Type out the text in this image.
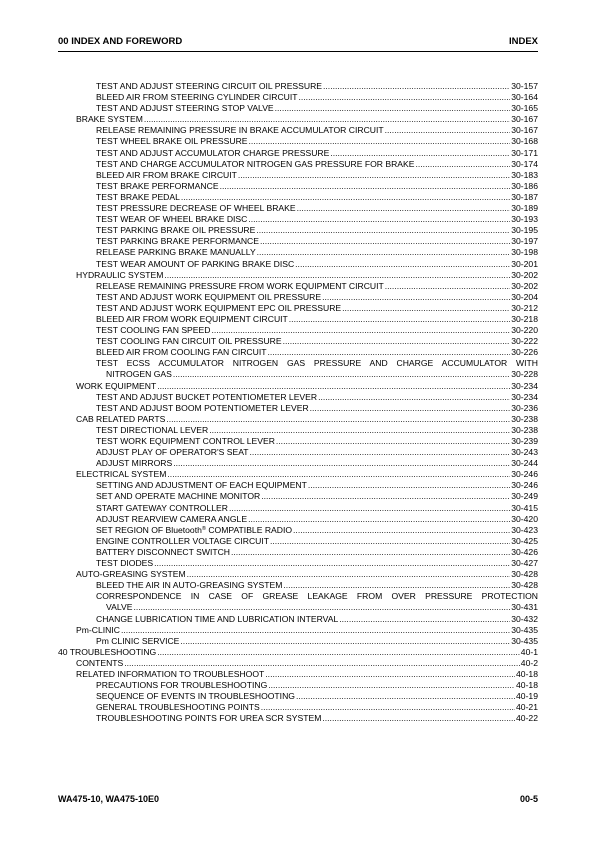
00 INDEX AND FOREWORD	INDEX
TEST AND ADJUST STEERING CIRCUIT OIL PRESSURE .....	30-157
BLEED AIR FROM STEERING CYLINDER CIRCUIT .....	30-164
TEST AND ADJUST STEERING STOP VALVE .....	30-165
BRAKE SYSTEM .....	30-167
RELEASE REMAINING PRESSURE IN BRAKE ACCUMULATOR CIRCUIT .....	30-167
TEST WHEEL BRAKE OIL PRESSURE .....	30-168
TEST AND ADJUST ACCUMULATOR CHARGE PRESSURE .....	30-171
TEST AND CHARGE ACCUMULATOR NITROGEN GAS PRESSURE FOR BRAKE .....	30-174
BLEED AIR FROM BRAKE CIRCUIT .....	30-183
TEST BRAKE PERFORMANCE .....	30-186
TEST BRAKE PEDAL .....	30-187
TEST PRESSURE DECREASE OF WHEEL BRAKE .....	30-189
TEST WEAR OF WHEEL BRAKE DISC .....	30-193
TEST PARKING BRAKE OIL PRESSURE .....	30-195
TEST PARKING BRAKE PERFORMANCE .....	30-197
RELEASE PARKING BRAKE MANUALLY .....	30-198
TEST WEAR AMOUNT OF PARKING BRAKE DISC .....	30-201
HYDRAULIC SYSTEM .....	30-202
RELEASE REMAINING PRESSURE FROM WORK EQUIPMENT CIRCUIT .....	30-202
TEST AND ADJUST WORK EQUIPMENT OIL PRESSURE .....	30-204
TEST AND ADJUST WORK EQUIPMENT EPC OIL PRESSURE .....	30-212
BLEED AIR FROM WORK EQUIPMENT CIRCUIT .....	30-218
TEST COOLING FAN SPEED .....	30-220
TEST COOLING FAN CIRCUIT OIL PRESSURE .....	30-222
BLEED AIR FROM COOLING FAN CIRCUIT .....	30-226
TEST ECSS ACCUMULATOR NITROGEN GAS PRESSURE AND CHARGE ACCUMULATOR WITH
NITROGEN GAS .....	30-228
WORK EQUIPMENT .....	30-234
TEST AND ADJUST BUCKET POTENTIOMETER LEVER .....	30-234
TEST AND ADJUST BOOM POTENTIOMETER LEVER .....	30-236
CAB RELATED PARTS .....	30-238
TEST DIRECTIONAL LEVER .....	30-238
TEST WORK EQUIPMENT CONTROL LEVER .....	30-239
ADJUST PLAY OF OPERATOR'S SEAT .....	30-243
ADJUST MIRRORS .....	30-244
ELECTRICAL SYSTEM .....	30-246
SETTING AND ADJUSTMENT OF EACH EQUIPMENT .....	30-246
SET AND OPERATE MACHINE MONITOR .....	30-249
START GATEWAY CONTROLLER .....	30-415
ADJUST REARVIEW CAMERA ANGLE .....	30-420
SET REGION OF Bluetooth® COMPATIBLE RADIO .....	30-423
ENGINE CONTROLLER VOLTAGE CIRCUIT .....	30-425
BATTERY DISCONNECT SWITCH .....	30-426
TEST DIODES .....	30-427
AUTO-GREASING SYSTEM .....	30-428
BLEED THE AIR IN AUTO-GREASING SYSTEM .....	30-428
CORRESPONDENCE IN CASE OF GREASE LEAKAGE FROM OVER PRESSURE PROTECTION
VALVE .....	30-431
CHANGE LUBRICATION TIME AND LUBRICATION INTERVAL .....	30-432
Pm-CLINIC .....	30-435
Pm CLINIC SERVICE .....	30-435
40 TROUBLESHOOTING .....	40-1
CONTENTS .....	40-2
RELATED INFORMATION TO TROUBLESHOOT .....	40-18
PRECAUTIONS FOR TROUBLESHOOTING .....	40-18
SEQUENCE OF EVENTS IN TROUBLESHOOTING .....	40-19
GENERAL TROUBLESHOOTING POINTS .....	40-21
TROUBLESHOOTING POINTS FOR UREA SCR SYSTEM .....	40-22
WA475-10, WA475-10E0	00-5
